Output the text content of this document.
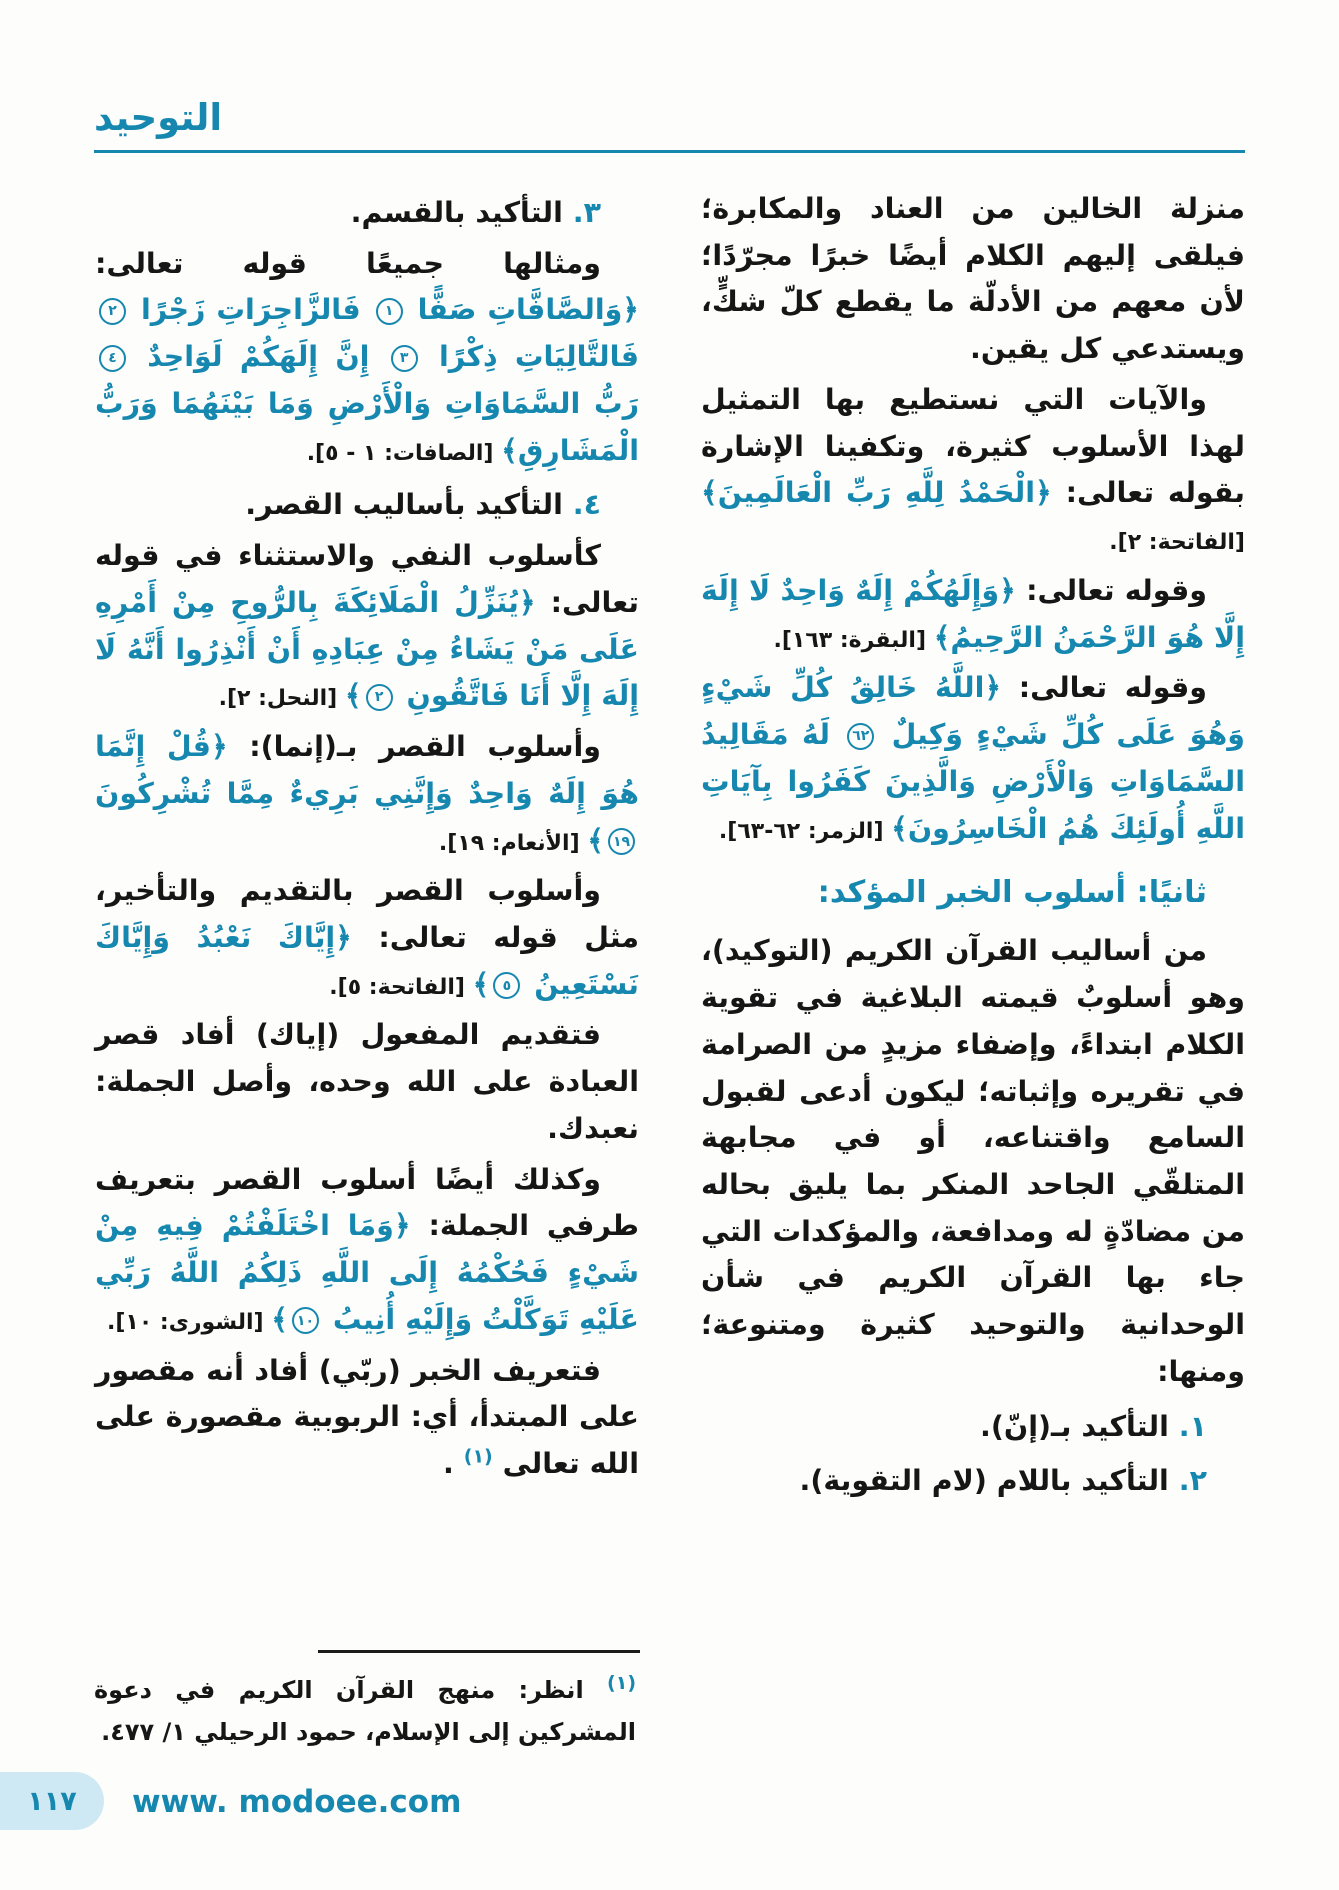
التوحيد
منزلة الخالين من العناد والمكابرة؛ فيلقى إليهم الكلام أيضًا خبرًا مجرّدًا؛ لأن معهم من الأدلّة ما يقطع كلّ شكٍّ، ويستدعي كل يقين.
والآيات التي نستطيع بها التمثيل لهذا الأسلوب كثيرة، وتكفينا الإشارة بقوله تعالى: ﴿الْحَمْدُ لِلَّهِ رَبِّ الْعَالَمِينَ﴾ [الفاتحة: ٢].
وقوله تعالى: ﴿وَإِلَهُكُمْ إِلَهٌ وَاحِدٌ لَا إِلَهَ إِلَّا هُوَ الرَّحْمَنُ الرَّحِيمُ﴾ [البقرة: ١٦٣].
وقوله تعالى: ﴿اللَّهُ خَالِقُ كُلِّ شَيْءٍ وَهُوَ عَلَى كُلِّ شَيْءٍ وَكِيلٌ ٦٢ لَهُ مَقَالِيدُ السَّمَاوَاتِ وَالْأَرْضِ وَالَّذِينَ كَفَرُوا بِآيَاتِ اللَّهِ أُولَئِكَ هُمُ الْخَاسِرُونَ﴾ [الزمر: ٦٢-٦٣].
ثانيًا: أسلوب الخبر المؤكد:
من أساليب القرآن الكريم (التوكيد)، وهو أسلوبٌ قيمته البلاغية في تقوية الكلام ابتداءً، وإضفاء مزيدٍ من الصرامة في تقريره وإثباته؛ ليكون أدعى لقبول السامع واقتناعه، أو في مجابهة المتلقّي الجاحد المنكر بما يليق بحاله من مضادّةٍ له ومدافعة، والمؤكدات التي جاء بها القرآن الكريم في شأن الوحدانية والتوحيد كثيرة ومتنوعة؛ ومنها:
١. التأكيد بـ(إنّ).
٢. التأكيد باللام (لام التقوية).
٣. التأكيد بالقسم.
ومثالها جميعًا قوله تعالى: ﴿وَالصَّافَّاتِ صَفًّا ١ فَالزَّاجِرَاتِ زَجْرًا ٢ فَالتَّالِيَاتِ ذِكْرًا ٣ إِنَّ إِلَهَكُمْ لَوَاحِدٌ ٤ رَبُّ السَّمَاوَاتِ وَالْأَرْضِ وَمَا بَيْنَهُمَا وَرَبُّ الْمَشَارِقِ﴾ [الصافات: ١ - ٥].
٤. التأكيد بأساليب القصر.
كأسلوب النفي والاستثناء في قوله تعالى: ﴿يُنَزِّلُ الْمَلَائِكَةَ بِالرُّوحِ مِنْ أَمْرِهِ عَلَى مَنْ يَشَاءُ مِنْ عِبَادِهِ أَنْ أَنْذِرُوا أَنَّهُ لَا إِلَهَ إِلَّا أَنَا فَاتَّقُونِ ٢﴾ [النحل: ٢].
وأسلوب القصر بـ(إنما): ﴿قُلْ إِنَّمَا هُوَ إِلَهٌ وَاحِدٌ وَإِنَّنِي بَرِيءٌ مِمَّا تُشْرِكُونَ ١٩﴾ [الأنعام: ١٩].
وأسلوب القصر بالتقديم والتأخير، مثل قوله تعالى: ﴿إِيَّاكَ نَعْبُدُ وَإِيَّاكَ نَسْتَعِينُ ٥﴾ [الفاتحة: ٥].
فتقديم المفعول (إياك) أفاد قصر العبادة على الله وحده، وأصل الجملة: نعبدك.
وكذلك أيضًا أسلوب القصر بتعريف طرفي الجملة: ﴿وَمَا اخْتَلَفْتُمْ فِيهِ مِنْ شَيْءٍ فَحُكْمُهُ إِلَى اللَّهِ ذَلِكُمُ اللَّهُ رَبِّي عَلَيْهِ تَوَكَّلْتُ وَإِلَيْهِ أُنِيبُ ١٠﴾ [الشورى: ١٠].
فتعريف الخبر (ربّي) أفاد أنه مقصور على المبتدأ، أي: الربوبية مقصورة على الله تعالى $^{(١)}$ .
$^{(١)}$ انظر: منهج القرآن الكريم في دعوة المشركين إلى الإسلام، حمود الرحيلي ١/ ٤٧٧.
١١٧ www. modoee.com
